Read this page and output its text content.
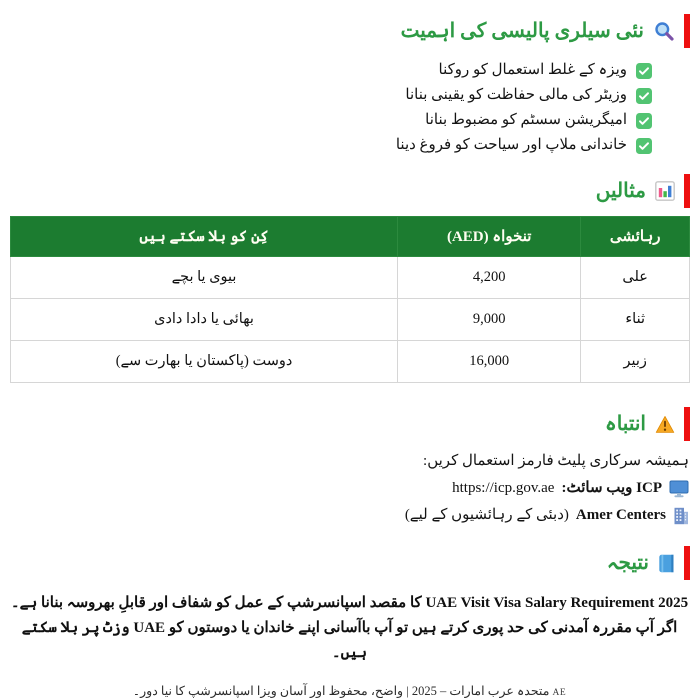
نئی سیلری پالیسی کی اہمیت
ویزہ کے غلط استعمال کو روکنا
وزیٹر کی مالی حفاظت کو یقینی بنانا
امیگریشن سسٹم کو مضبوط بنانا
خاندانی ملاپ اور سیاحت کو فروغ دینا
مثالیں
رہائشی	تنخواہ (AED)	کِن کو بلا سکتے ہیں
علی	4,200	بیوی یا بچے
ثناء	9,000	بھائی یا دادا دادی
زبیر	16,000	دوست (پاکستان یا بھارت سے)
انتباہ
ہمیشہ سرکاری پلیٹ فارمز استعمال کریں:
ICP ویب سائٹ:
https://icp.gov.ae
Amer Centers
(دبئی کے رہائشیوں کے لیے)
نتیجہ

UAE Visit Visa Salary Requirement 2025 کا مقصد اسپانسرشپ کے عمل کو شفاف اور قابلِ بھروسہ بنانا ہے۔ اگر آپ مقررہ آمدنی کی حد پوری کرتے ہیں تو آپ باآسانی اپنے خاندان یا دوستوں کو UAE وزٹ پر بلا سکتے ہیں۔

AE متحدہ عرب امارات – 2025 | واضح، محفوظ اور آسان ویزا اسپانسرشپ کا نیا دور۔
